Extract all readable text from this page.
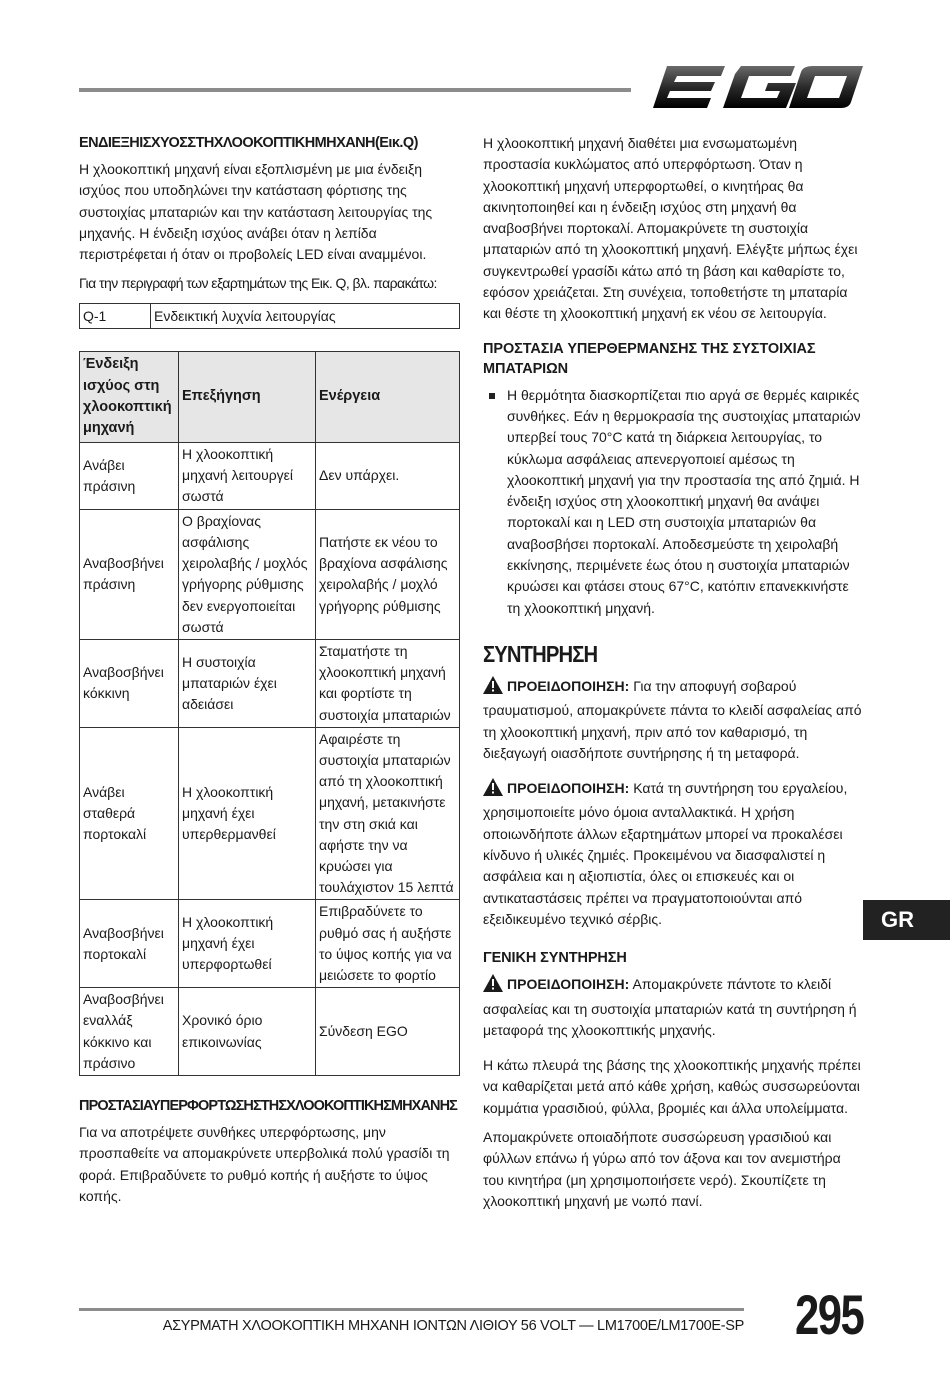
EGO
ΕΝΔΙΕΞΗΙΣΧΥΟΣΣΤΗΧΛΟΟΚΟΠΤΙΚΗΜΗΧΑΝΗ(Εικ.Q)
Η χλοοκοπτική μηχανή είναι εξοπλισμένη με μια ένδειξη ισχύος που υποδηλώνει την κατάσταση φόρτισης της συστοιχίας μπαταριών και την κατάσταση λειτουργίας της μηχανής. Η ένδειξη ισχύος ανάβει όταν η λεπίδα περιστρέφεται ή όταν οι προβολείς LED είναι αναμμένοι.
Για την περιγραφή των εξαρτημάτων της Εικ. Q, βλ. παρακάτω:
Q-1	Ενδεικτική λυχνία λειτουργίας
Ένδειξη ισχύος στη χλοοκοπτική μηχανή	Επεξήγηση	Ενέργεια
Ανάβει πράσινη	Η χλοοκοπτική μηχανή λειτουργεί σωστά	Δεν υπάρχει.
Αναβοσβήνει πράσινη	Ο βραχίονας ασφάλισης χειρολαβής / μοχλός γρήγορης ρύθμισης δεν ενεργοποιείται σωστά	Πατήστε εκ νέου το βραχίονα ασφάλισης χειρολαβής / μοχλό γρήγορης ρύθμισης
Αναβοσβήνει κόκκινη	Η συστοιχία μπαταριών έχει αδειάσει	Σταματήστε τη χλοοκοπτική μηχανή και φορτίστε τη συστοιχία μπαταριών
Ανάβει σταθερά πορτοκαλί	Η χλοοκοπτική μηχανή έχει υπερθερμανθεί	Αφαιρέστε τη συστοιχία μπαταριών από τη χλοοκοπτική μηχανή, μετακινήστε την στη σκιά και αφήστε την να κρυώσει για τουλάχιστον 15 λεπτά
Αναβοσβήνει πορτοκαλί	Η χλοοκοπτική μηχανή έχει υπερφορτωθεί	Επιβραδύνετε το ρυθμό σας ή αυξήστε το ύψος κοπής για να μειώσετε το φορτίο
Αναβοσβήνει εναλλάξ κόκκινο και πράσινο	Χρονικό όριο επικοινωνίας	Σύνδεση EGO
ΠΡΟΣΤΑΣΙΑΥΠΕΡΦΟΡΤΩΣΗΣΤΗΣΧΛΟΟΚΟΠΤΙΚΗΣΜΗΧΑΝΗΣ
Για να αποτρέψετε συνθήκες υπερφόρτωσης, μην προσπαθείτε να απομακρύνετε υπερβολικά πολύ γρασίδι τη φορά. Επιβραδύνετε το ρυθμό κοπής ή αυξήστε το ύψος κοπής.
Η χλοοκοπτική μηχανή διαθέτει μια ενσωματωμένη προστασία κυκλώματος από υπερφόρτωση. Όταν η χλοοκοπτική μηχανή υπερφορτωθεί, ο κινητήρας θα ακινητοποιηθεί και η ένδειξη ισχύος στη μηχανή θα αναβοσβήνει πορτοκαλί. Απομακρύνετε τη συστοιχία μπαταριών από τη χλοοκοπτική μηχανή. Ελέγξτε μήπως έχει συγκεντρωθεί γρασίδι κάτω από τη βάση και καθαρίστε το, εφόσον χρειάζεται. Στη συνέχεια, τοποθετήστε τη μπαταρία και θέστε τη χλοοκοπτική μηχανή εκ νέου σε λειτουργία.
ΠΡΟΣΤΑΣΙΑ ΥΠΕΡΘΕΡΜΑΝΣΗΣ ΤΗΣ ΣΥΣΤΟΙΧΙΑΣ ΜΠΑΤΑΡΙΩΝ
Η θερμότητα διασκορπίζεται πιο αργά σε θερμές καιρικές συνθήκες. Εάν η θερμοκρασία της συστοιχίας μπαταριών υπερβεί τους 70°C κατά τη διάρκεια λειτουργίας, το κύκλωμα ασφάλειας απενεργοποιεί αμέσως τη χλοοκοπτική μηχανή για την προστασία της από ζημιά. Η ένδειξη ισχύος στη χλοοκοπτική μηχανή θα ανάψει πορτοκαλί και η LED στη συστοιχία μπαταριών θα αναβοσβήσει πορτοκαλί. Αποδεσμεύστε τη χειρολαβή εκκίνησης, περιμένετε έως ότου η συστοιχία μπαταριών κρυώσει και φτάσει στους 67°C, κατόπιν επανεκκινήστε τη χλοοκοπτική μηχανή.
ΣΥΝΤΗΡΗΣΗ
ΠΡΟΕΙΔΟΠΟΙΗΣΗ: Για την αποφυγή σοβαρού τραυματισμού, απομακρύνετε πάντα το κλειδί ασφαλείας από τη χλοοκοπτική μηχανή, πριν από τον καθαρισμό, τη διεξαγωγή οιασδήποτε συντήρησης ή τη μεταφορά.
ΠΡΟΕΙΔΟΠΟΙΗΣΗ: Κατά τη συντήρηση του εργαλείου, χρησιμοποιείτε μόνο όμοια ανταλλακτικά. Η χρήση οποιωνδήποτε άλλων εξαρτημάτων μπορεί να προκαλέσει κίνδυνο ή υλικές ζημιές. Προκειμένου να διασφαλιστεί η ασφάλεια και η αξιοπιστία, όλες οι επισκευές και οι αντικαταστάσεις πρέπει να πραγματοποιούνται από εξειδικευμένο τεχνικό σέρβις.
ΓΕΝΙΚΗ ΣΥΝΤΗΡΗΣΗ
ΠΡΟΕΙΔΟΠΟΙΗΣΗ: Απομακρύνετε πάντοτε το κλειδί ασφαλείας και τη συστοιχία μπαταριών κατά τη συντήρηση ή μεταφορά της χλοοκοπτικής μηχανής.
Η κάτω πλευρά της βάσης της χλοοκοπτικής μηχανής πρέπει να καθαρίζεται μετά από κάθε χρήση, καθώς συσσωρεύονται κομμάτια γρασιδιού, φύλλα, βρομιές και άλλα υπολείμματα.
Απομακρύνετε οποιαδήποτε συσσώρευση γρασιδιού και φύλλων επάνω ή γύρω από τον άξονα και τον ανεμιστήρα του κινητήρα (μη χρησιμοποιήσετε νερό). Σκουπίζετε τη χλοοκοπτική μηχανή με νωπό πανί.
GR
ΑΣΥΡΜΑΤΗ ΧΛΟΟΚΟΠΤΙΚΗ ΜΗΧΑΝΗ ΙΟΝΤΩΝ ΛΙΘΙΟΥ 56 VOLT — LM1700E/LM1700E-SP 295
